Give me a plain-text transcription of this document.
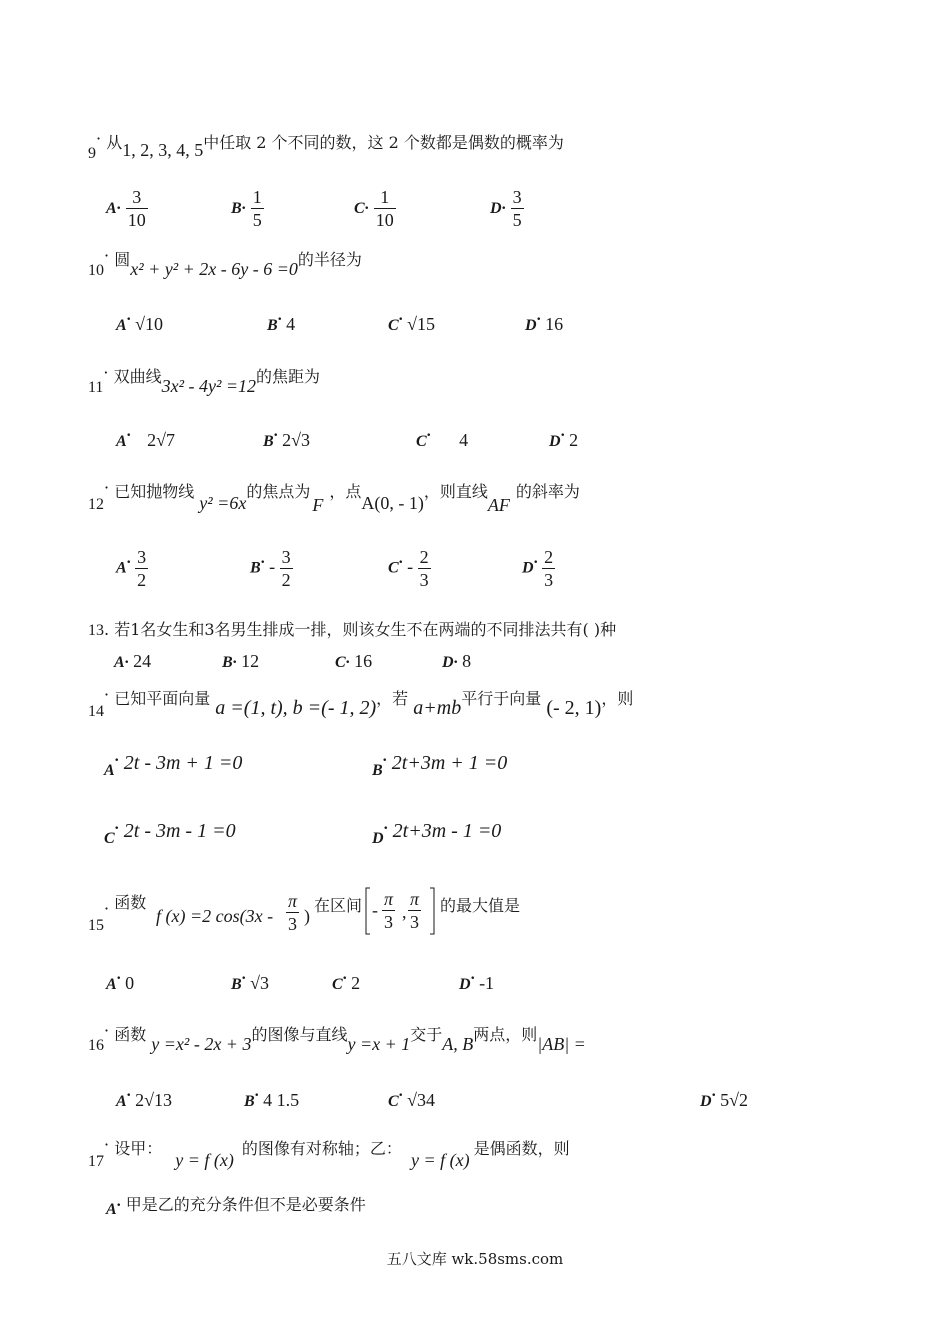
9· 从1, 2, 3, 4, 5中任取 2 个不同的数，这 2 个数都是偶数的概率为
$A\cdot \frac{3}{10}$	$B\cdot \frac{1}{5}$	$C\cdot \frac{1}{10}$	$D\cdot \frac{3}{5}$
10· 圆x² + y² + 2x - 6y - 6 =0的半径为
A· √10	B· 4	C· √15	D· 16
11· 双曲线3x² - 4y² =12的焦距为
A· 2√7	B· 2√3	C· 4	D· 2
12· 已知抛物线 y² =6x的焦点为F，点A(0, - 1)，则直线AF的斜率为
$A\cdot \frac{3}{2}$	$B\cdot - \frac{3}{2}$	$C\cdot - \frac{2}{3}$	$D\cdot \frac{2}{3}$
13. 若1名女生和3名男生排成一排，则该女生不在两端的不同排法共有( )种
A· 24	B· 12	C· 16	D· 8
14· 已知平面向量 a =(1, t), b =(- 1, 2)，若 a+mb平行于向量 (- 2, 1)，则
A· 2t - 3m + 1 =0	B· 2t+3m + 1 =0
C· 2t - 3m - 1 =0	D· 2t+3m - 1 =0
15· 函数
f (x) =2 $\cos(3x - \frac{\pi}{3}$ )
在区间 - $\frac{\pi}{3}$ , $\frac{\pi}{3}$ 的最大值是
A· 0	B· √3	C· 2	D· -1
16· 函数 y =x² - 2x + 3的图像与直线y =x + 1交于A, B两点，则|AB| =
A· 2√13	B· 4 1.5	C· √34	D· 5√2
17· 设甲： y = f (x)的图像有对称轴；乙： y = f (x)是偶函数，则
A· 甲是乙的充分条件但不是必要条件
五八文库 wk.58sms.com
